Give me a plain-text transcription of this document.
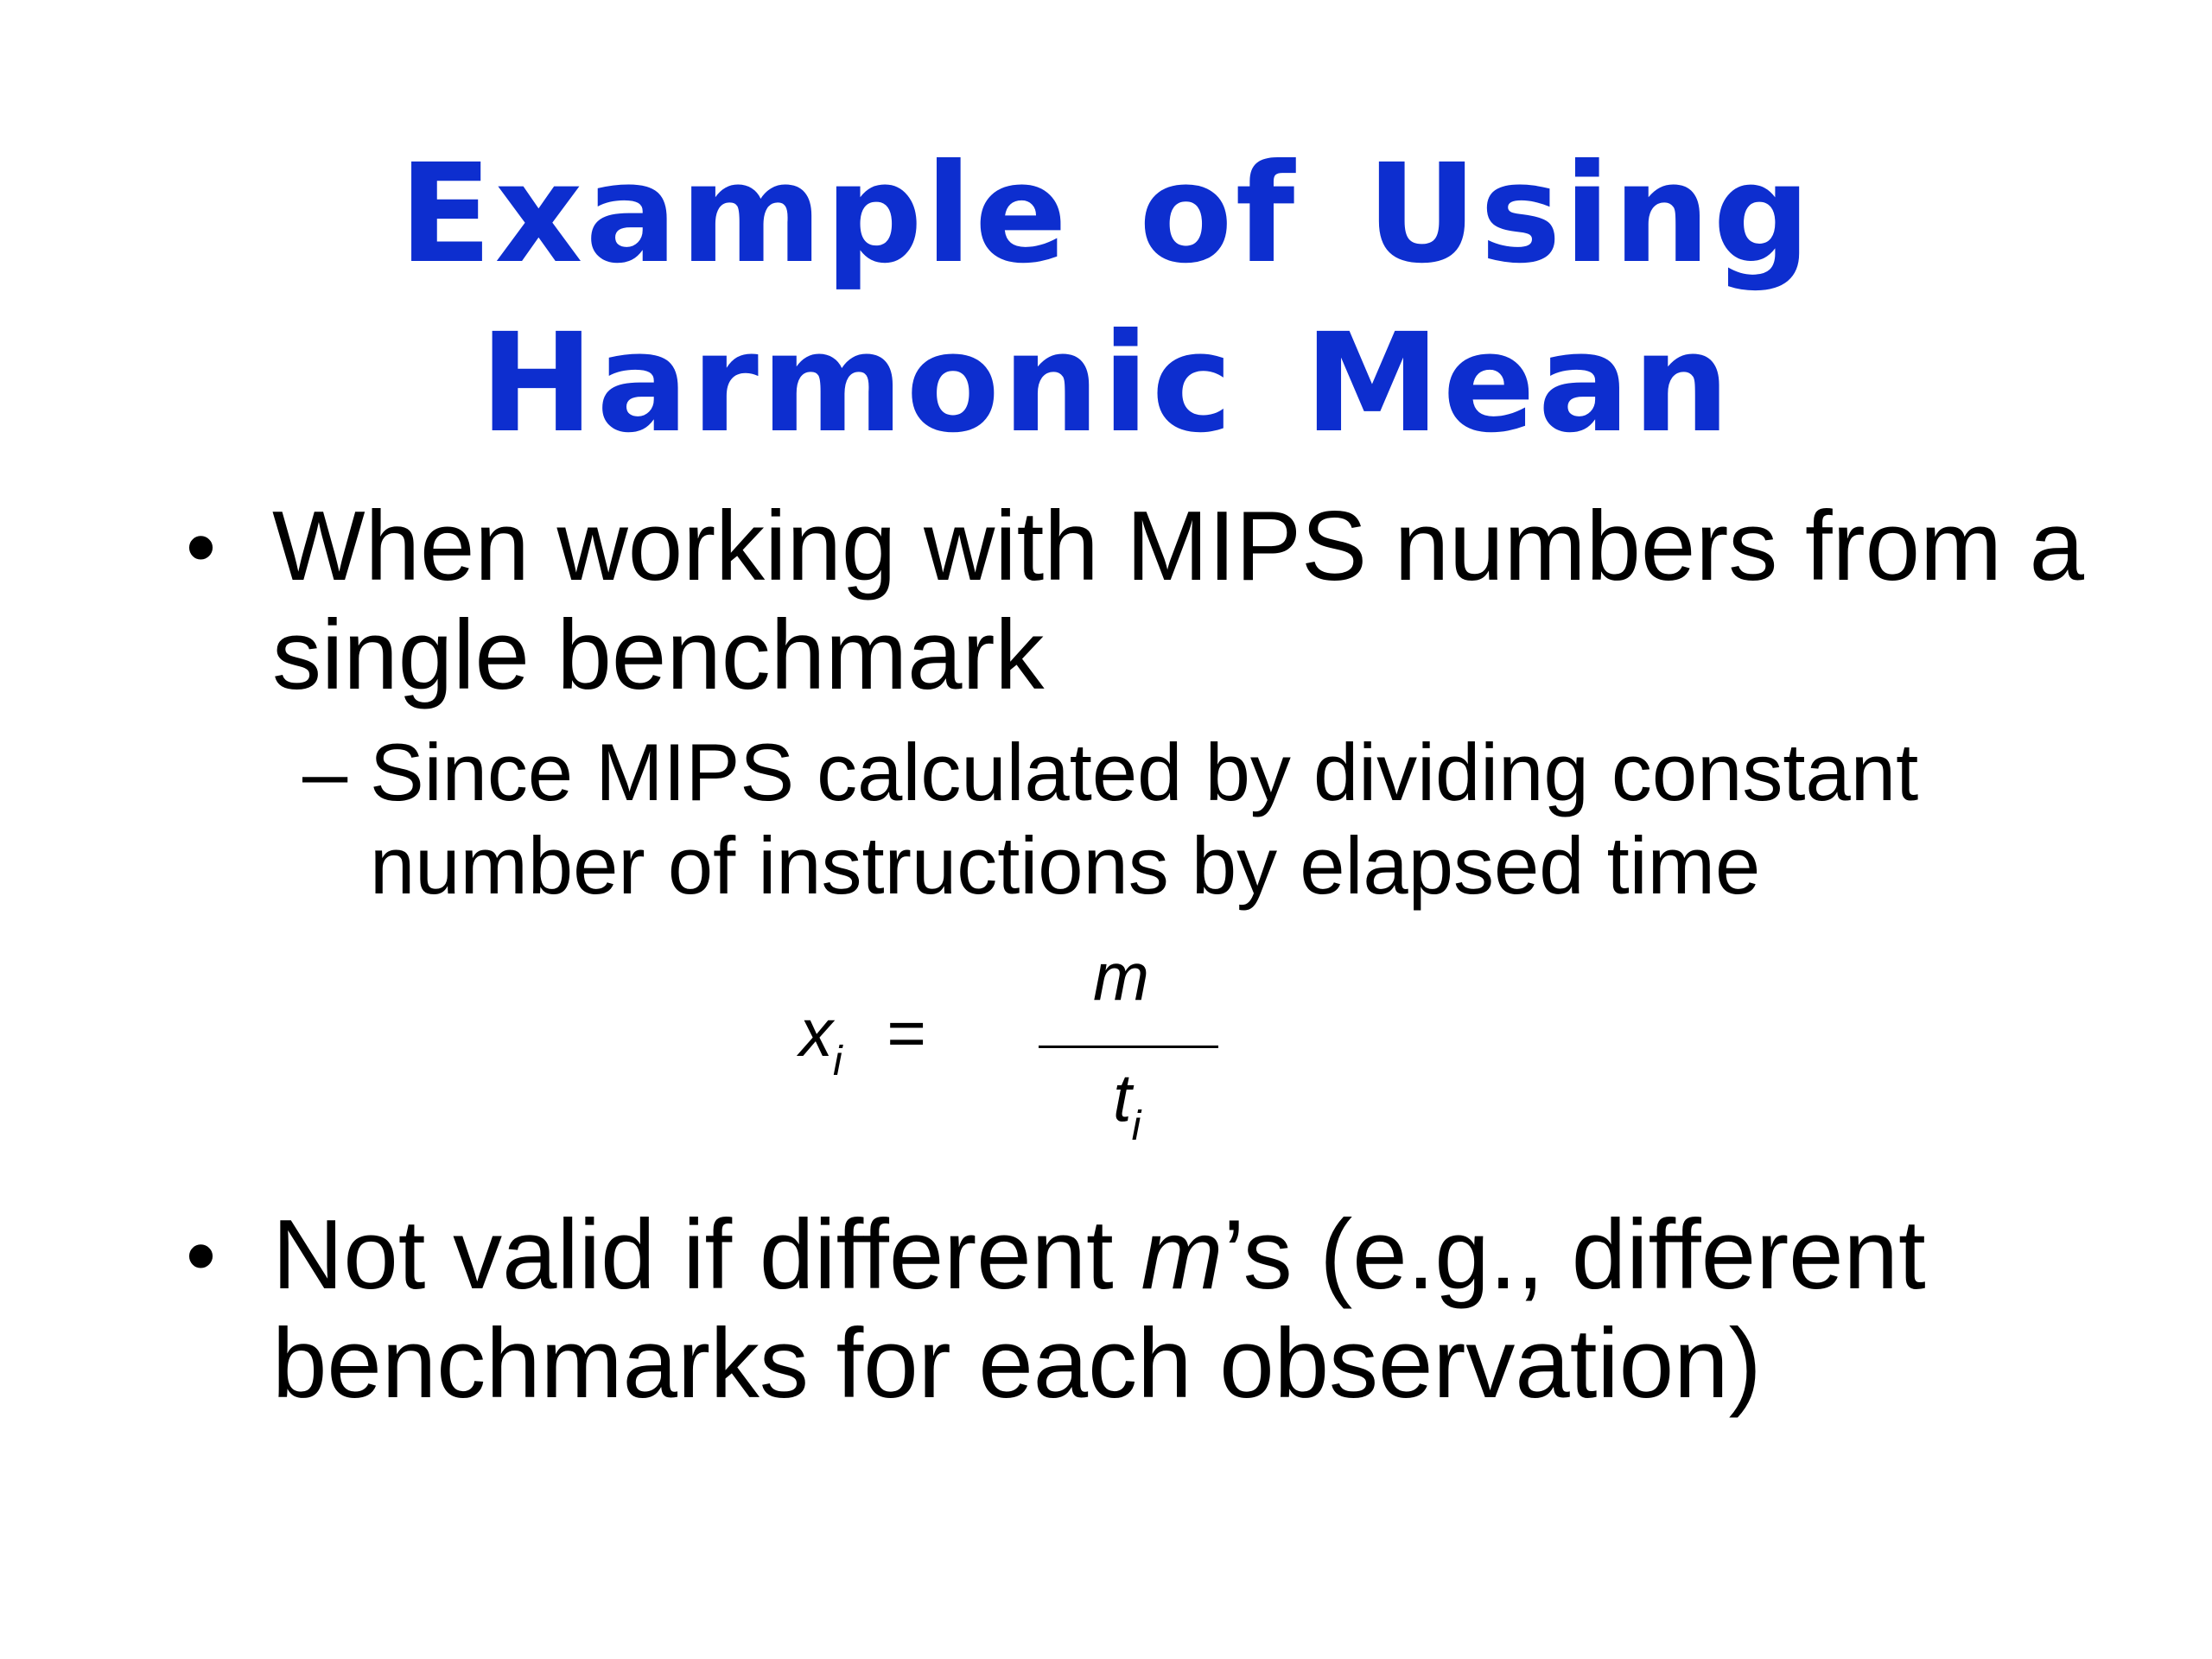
Example of Using
Harmonic Mean
• When working with MIPS numbers from a single benchmark
– Since MIPS calculated by dividing constant number of instructions by elapsed time
$x_i$ =
m
$t_i$
• Not valid if different m’s (e.g., different benchmarks for each observation)
